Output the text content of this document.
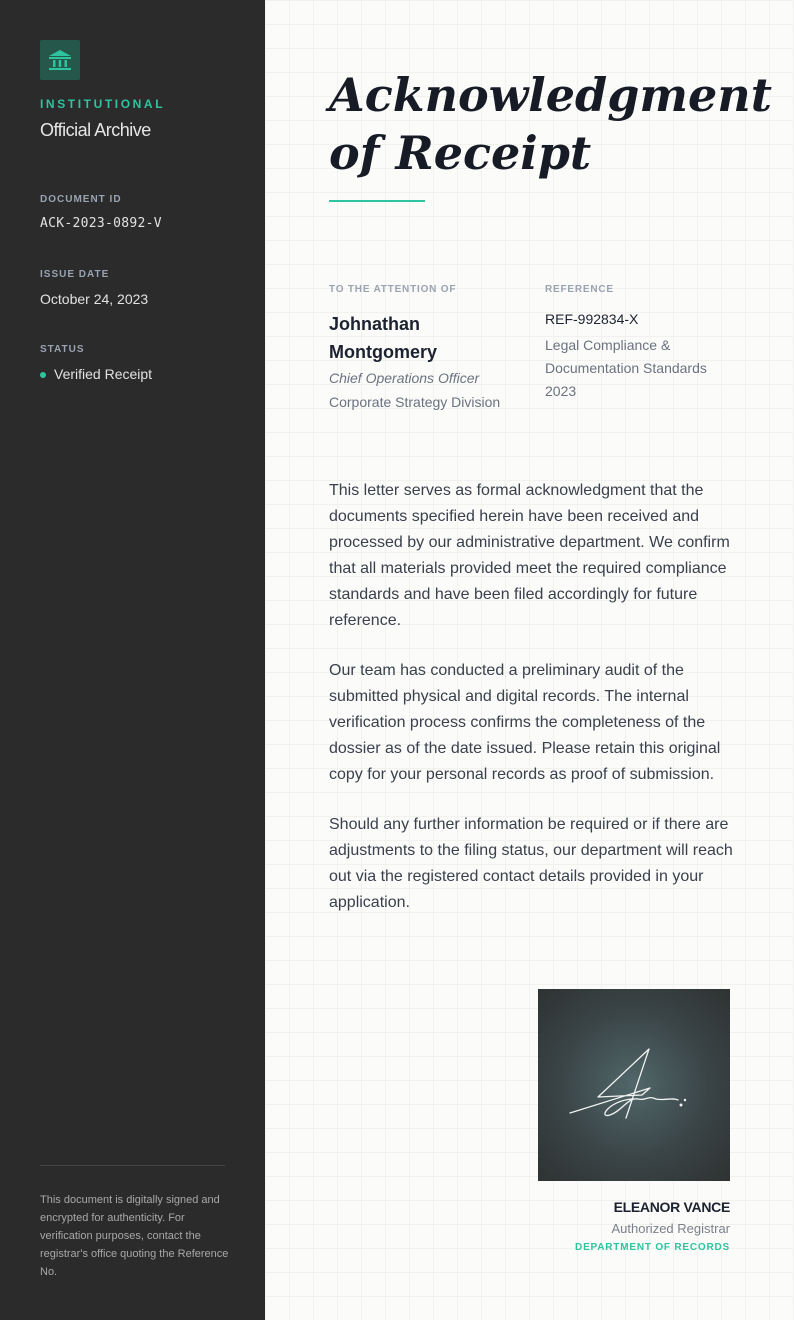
INSTITUTIONAL
Official Archive
DOCUMENT ID
ACK-2023-0892-V
ISSUE DATE
October 24, 2023
STATUS
Verified Receipt
This document is digitally signed and encrypted for authenticity. For verification purposes, contact the registrar's office quoting the Reference No.
Acknowledgment of Receipt
TO THE ATTENTION OF
Johnathan Montgomery
Chief Operations Officer
Corporate Strategy Division
REFERENCE
REF-992834-X
Legal Compliance & Documentation Standards 2023

This letter serves as formal acknowledgment that the documents specified herein have been received and processed by our administrative department. We confirm that all materials provided meet the required compliance standards and have been filed accordingly for future reference.

Our team has conducted a preliminary audit of the submitted physical and digital records. The internal verification process confirms the completeness of the dossier as of the date issued. Please retain this original copy for your personal records as proof of submission.

Should any further information be required or if there are adjustments to the filing status, our department will reach out via the registered contact details provided in your application.

ELEANOR VANCE
Authorized Registrar
DEPARTMENT OF RECORDS
